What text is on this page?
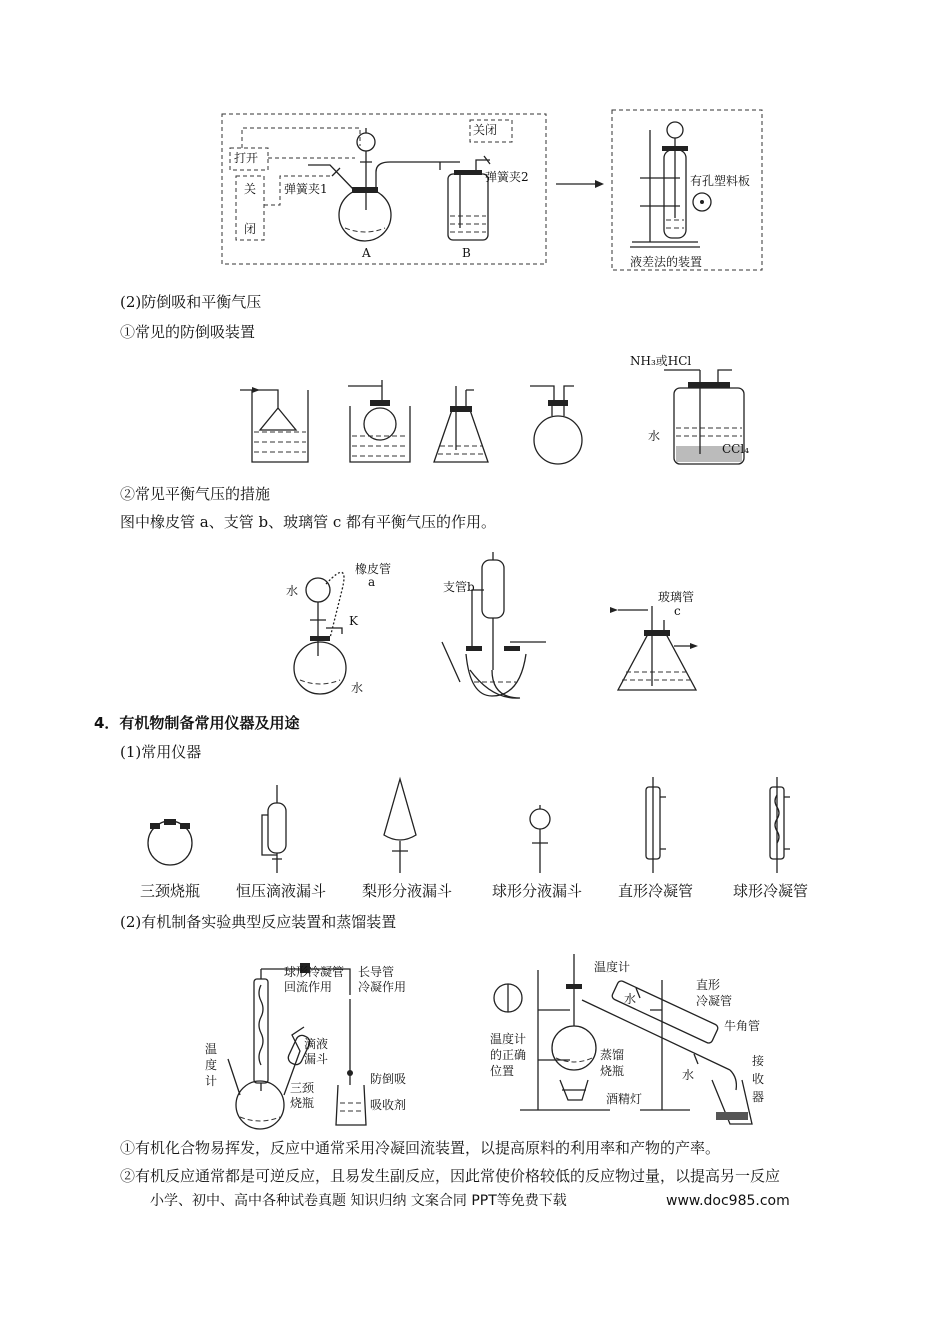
打开
关闭
关
闭
弹簧夹1
弹簧夹2
A	B
有孔塑料板
液差法的装置
(2)防倒吸和平衡气压
①常见的防倒吸装置
NH₃或HCl
水
CCl₄
②常见平衡气压的措施
图中橡皮管 a、支管 b、玻璃管 c 都有平衡气压的作用。
水
橡皮管
a
K
水
支管b
玻璃管
c
4．有机物制备常用仪器及用途
(1)常用仪器
三颈烧瓶 恒压滴液漏斗 梨形分液漏斗	球形分液漏斗 直形冷凝管	球形冷凝管
(2)有机制备实验典型反应装置和蒸馏装置
球形冷凝管
回流作用
长导管
冷凝作用
温
度
计
滴液
漏斗
三颈
烧瓶
防倒吸
吸收剂
温度计
水
直形
冷凝管
牛角管
温度计
的正确
位置
蒸馏
烧瓶	水
酒精灯
接
收
器
①有机化合物易挥发，反应中通常采用冷凝回流装置，以提高原料的利用率和产物的产率。
②有机反应通常都是可逆反应，且易发生副反应，因此常使价格较低的反应物过量，以提高另一反应
小学、初中、高中各种试卷真题 知识归纳 文案合同 PPT等免费下载	www.doc985.com
